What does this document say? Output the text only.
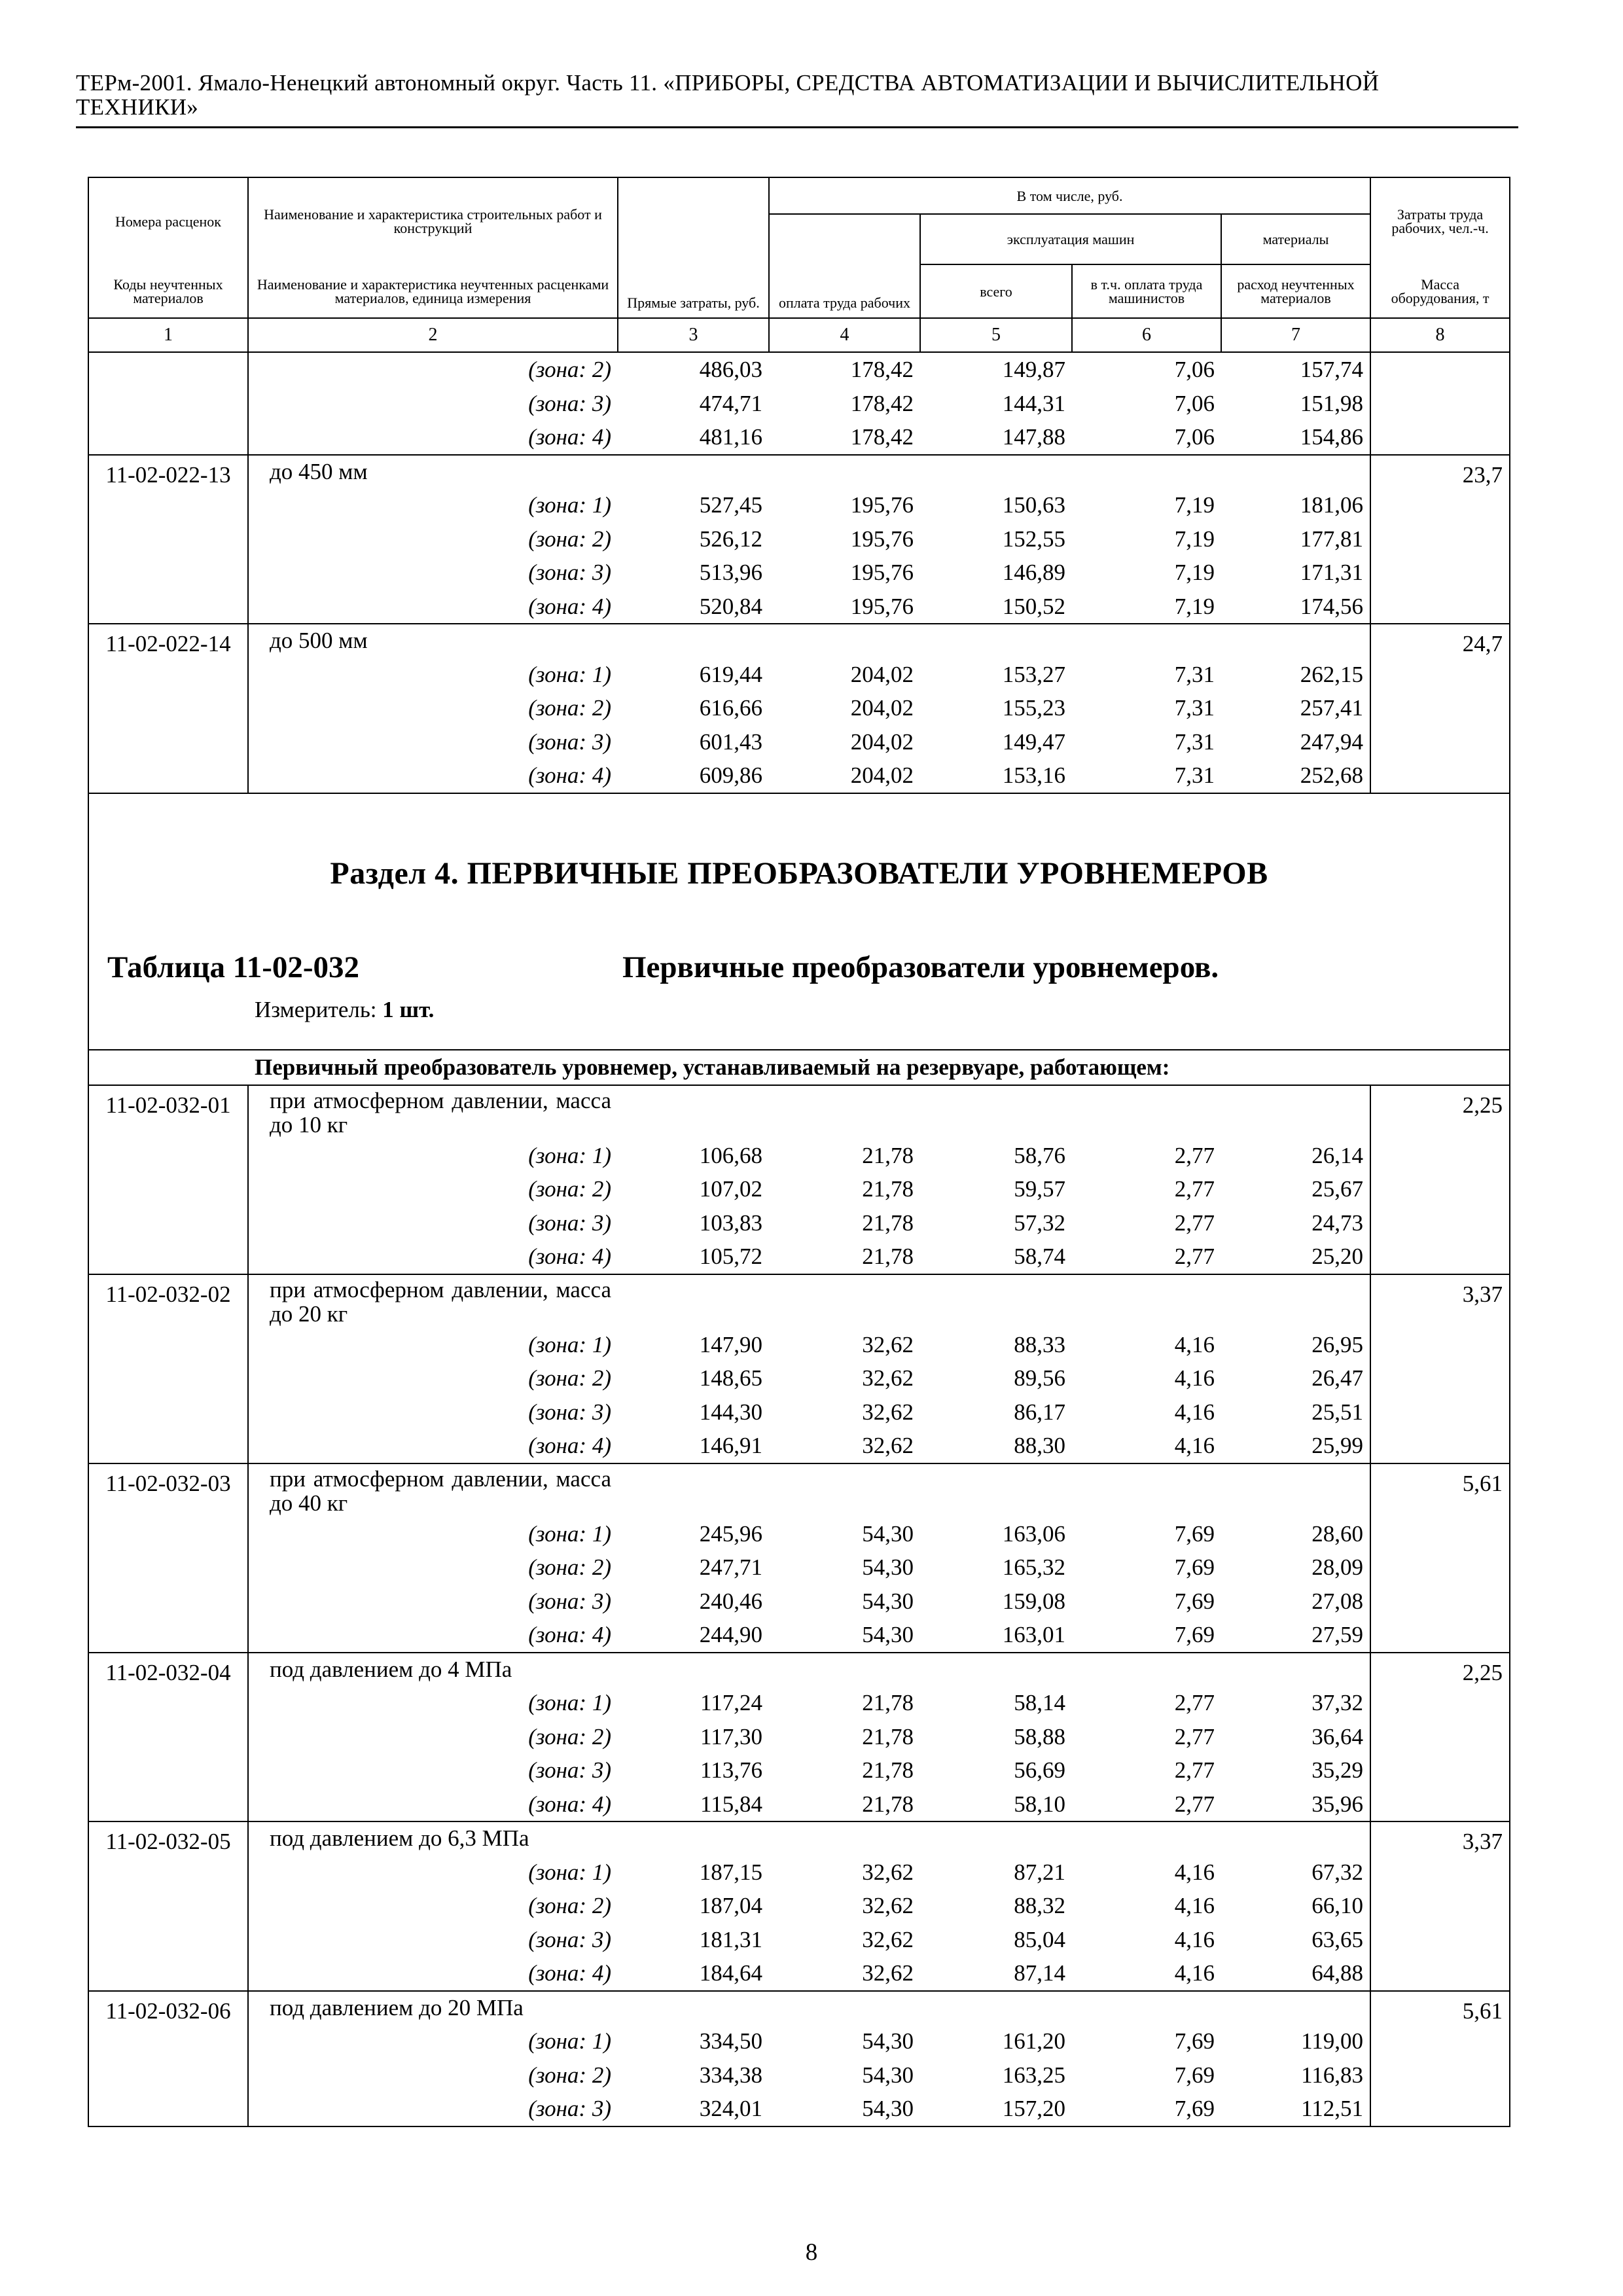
ТЕРм-2001. Ямало-Ненецкий автономный округ. Часть 11. «ПРИБОРЫ, СРЕДСТВА АВТОМАТИЗАЦИИ И ВЫЧИСЛИТЕЛЬНОЙ
ТЕХНИКИ»
Номера расценок	Наименование и характеристика строительных работ и конструкций	Прямые затраты, руб.	В том числе, руб.				Затраты труда рабочих, чел.-ч.
			оплата труда рабочих	эксплуатация машин		материалы	
Коды неучтенных материалов	Наименование и характеристика неучтенных расценками материалов, единица измерения			всего	в т.ч. оплата труда машинистов	расход неучтенных материалов	Масса оборудования, т
1	2	3	4	5	6	7	8
	(зона: 2)	486,03	178,42	149,87	7,06	157,74	
	(зона: 3)	474,71	178,42	144,31	7,06	151,98	
	(зона: 4)	481,16	178,42	147,88	7,06	154,86	
11-02-022-13	до 450 мм						23,7
	(зона: 1)	527,45	195,76	150,63	7,19	181,06	
	(зона: 2)	526,12	195,76	152,55	7,19	177,81	
	(зона: 3)	513,96	195,76	146,89	7,19	171,31	
	(зона: 4)	520,84	195,76	150,52	7,19	174,56	
11-02-022-14	до 500 мм						24,7
	(зона: 1)	619,44	204,02	153,27	7,31	262,15	
	(зона: 2)	616,66	204,02	155,23	7,31	257,41	
	(зона: 3)	601,43	204,02	149,47	7,31	247,94	
	(зона: 4)	609,86	204,02	153,16	7,31	252,68	

Раздел 4. ПЕРВИЧНЫЕ ПРЕОБРАЗОВАТЕЛИ УРОВНЕМЕРОВ
Таблица 11-02-032 Первичные преобразователи уровнемеров.
Измеритель: 1 шт.							

Первичный преобразователь уровнемер, устанавливаемый на резервуаре, работающем:							
11-02-032-01	при атмосферном давлении, масса до 10 кг						2,25
	(зона: 1)	106,68	21,78	58,76	2,77	26,14	
	(зона: 2)	107,02	21,78	59,57	2,77	25,67	
	(зона: 3)	103,83	21,78	57,32	2,77	24,73	
	(зона: 4)	105,72	21,78	58,74	2,77	25,20	
11-02-032-02	при атмосферном давлении, масса до 20 кг						3,37
	(зона: 1)	147,90	32,62	88,33	4,16	26,95	
	(зона: 2)	148,65	32,62	89,56	4,16	26,47	
	(зона: 3)	144,30	32,62	86,17	4,16	25,51	
	(зона: 4)	146,91	32,62	88,30	4,16	25,99	
11-02-032-03	при атмосферном давлении, масса до 40 кг						5,61
	(зона: 1)	245,96	54,30	163,06	7,69	28,60	
	(зона: 2)	247,71	54,30	165,32	7,69	28,09	
	(зона: 3)	240,46	54,30	159,08	7,69	27,08	
	(зона: 4)	244,90	54,30	163,01	7,69	27,59	
11-02-032-04	под давлением до 4 МПа						2,25
	(зона: 1)	117,24	21,78	58,14	2,77	37,32	
	(зона: 2)	117,30	21,78	58,88	2,77	36,64	
	(зона: 3)	113,76	21,78	56,69	2,77	35,29	
	(зона: 4)	115,84	21,78	58,10	2,77	35,96	
11-02-032-05	под давлением до 6,3 МПа						3,37
	(зона: 1)	187,15	32,62	87,21	4,16	67,32	
	(зона: 2)	187,04	32,62	88,32	4,16	66,10	
	(зона: 3)	181,31	32,62	85,04	4,16	63,65	
	(зона: 4)	184,64	32,62	87,14	4,16	64,88	
11-02-032-06	под давлением до 20 МПа						5,61
	(зона: 1)	334,50	54,30	161,20	7,69	119,00	
	(зона: 2)	334,38	54,30	163,25	7,69	116,83	
	(зона: 3)	324,01	54,30	157,20	7,69	112,51	
8
